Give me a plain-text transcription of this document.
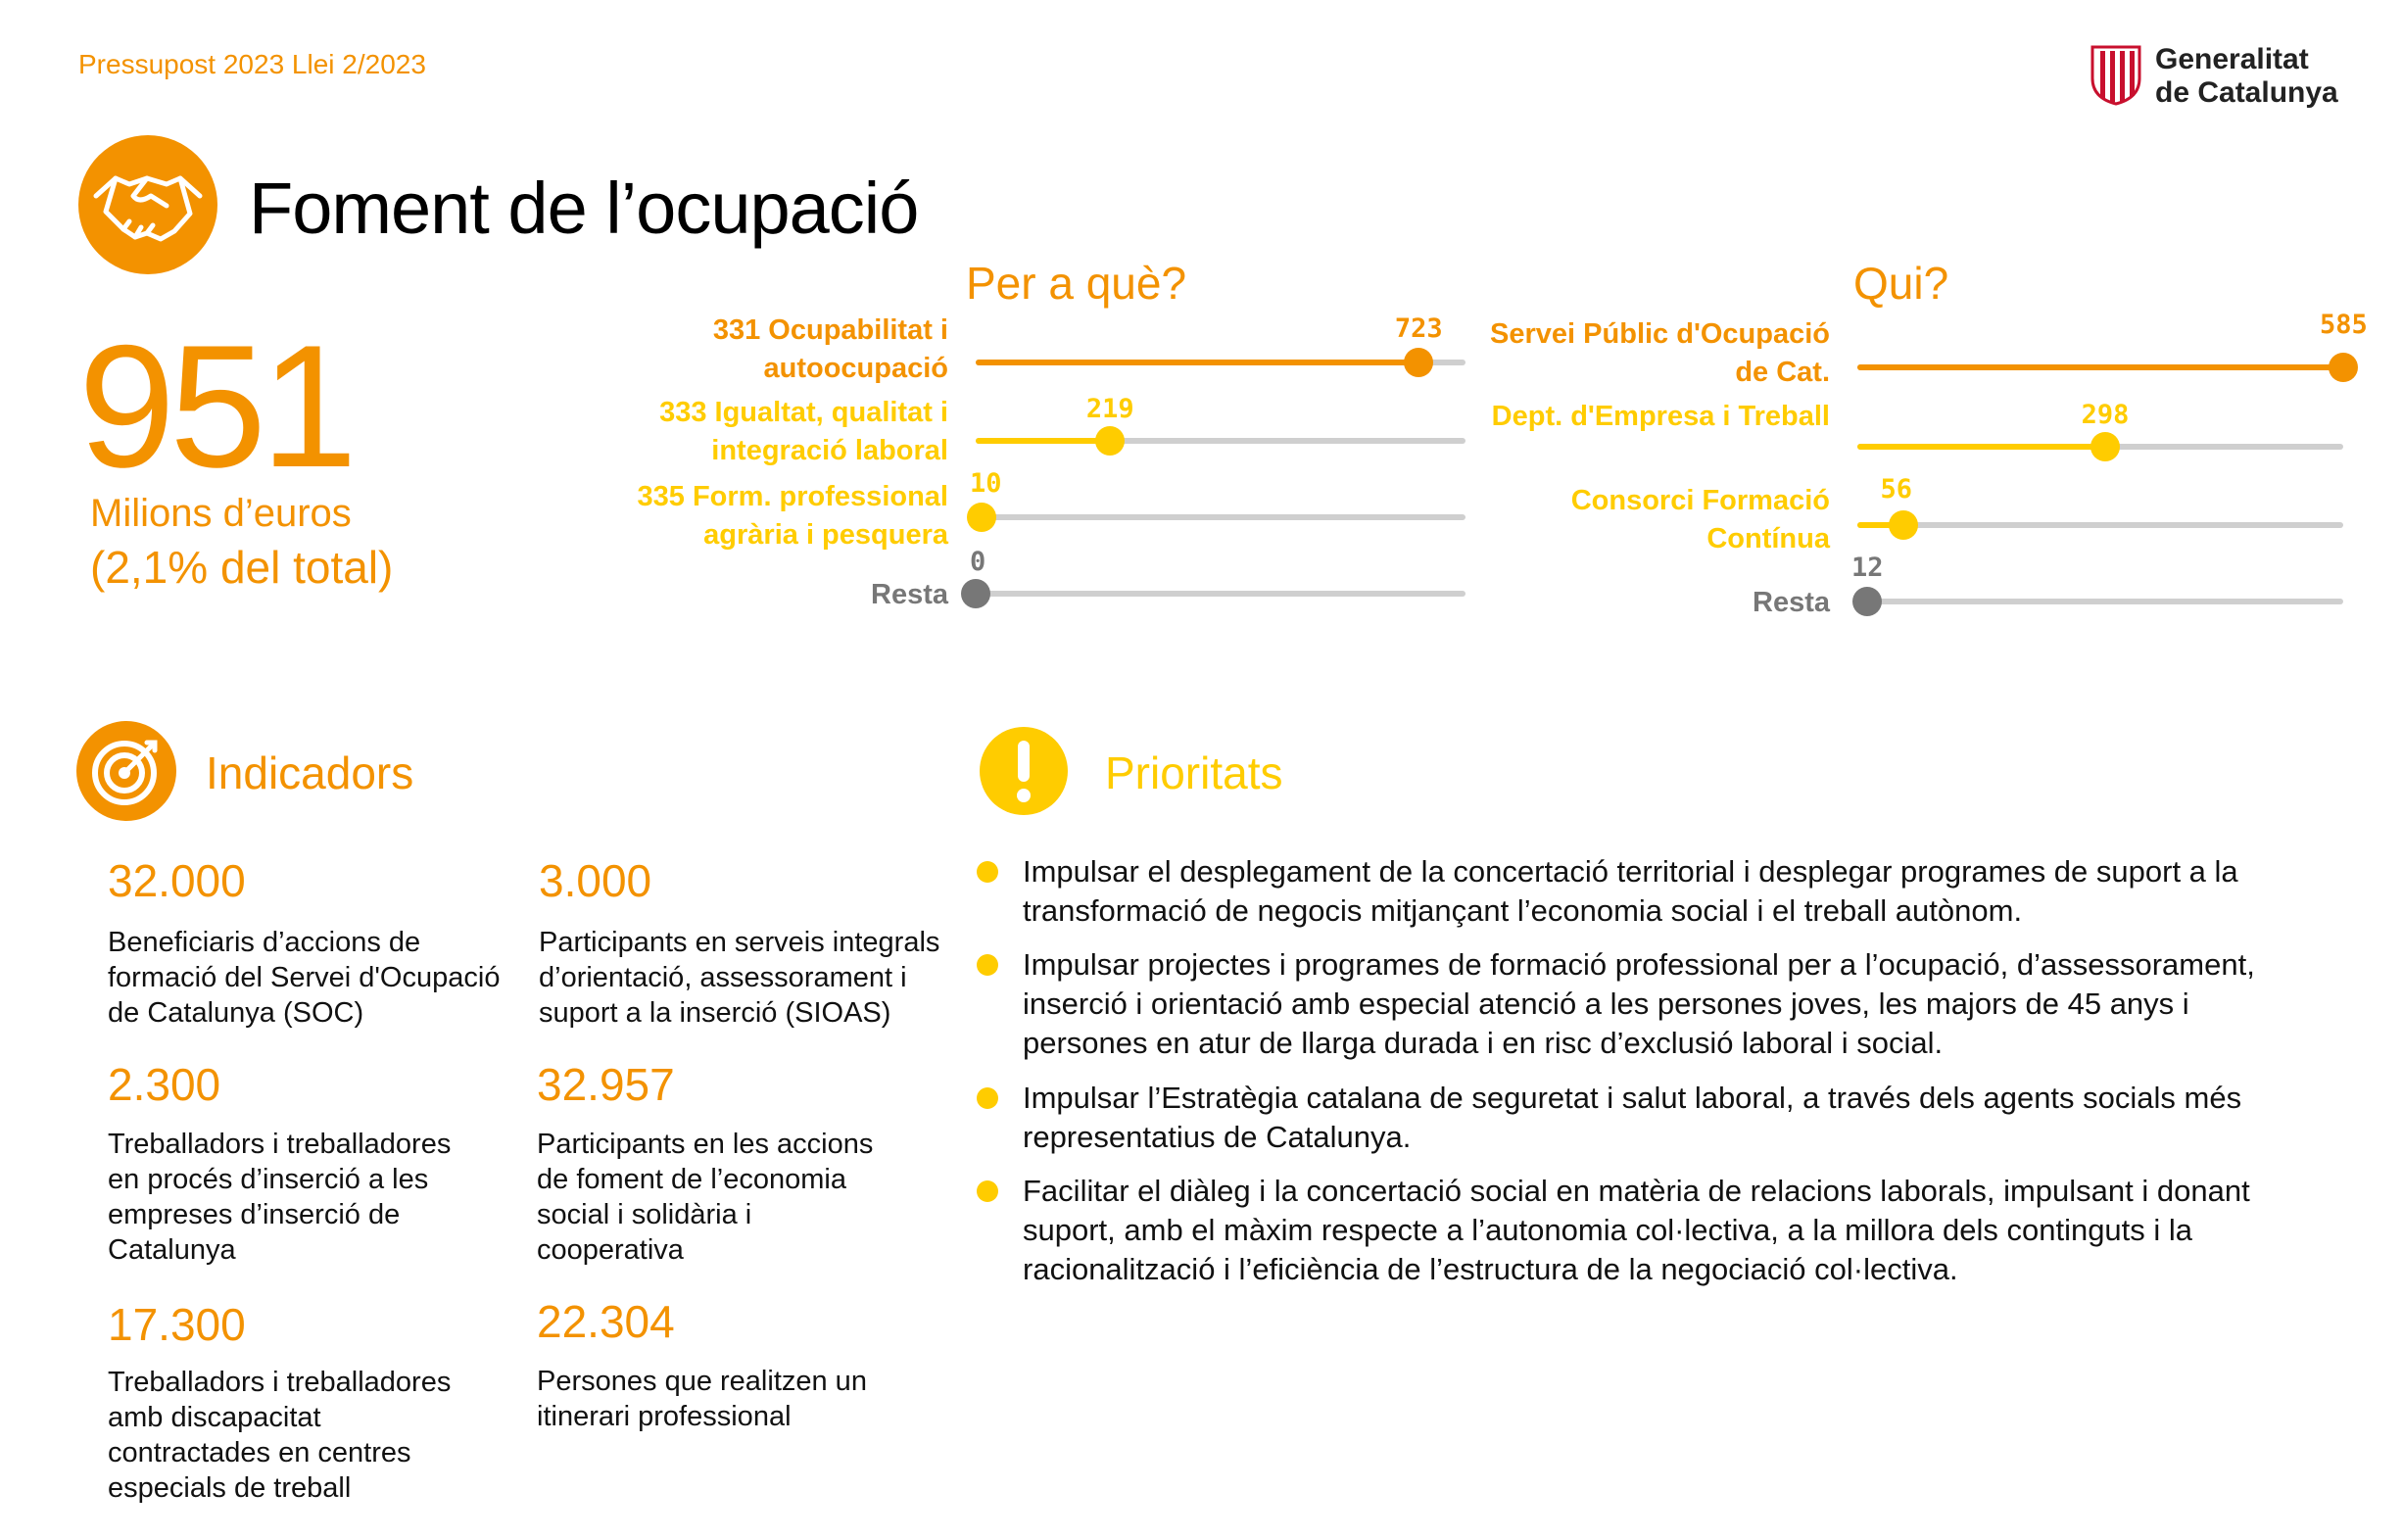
Pressupost 2023 Llei 2/2023	Generalitat
de Catalunya
Foment de l’ocupació
951
Milions d’euros
(2,1% del total)
Per a què?
331 Ocupabilitat i autoocupació
723
333 Igualtat, qualitat i integració laboral
219
335 Form. professional agrària i pesquera
10
Resta
0
Qui?
Servei Públic d'Ocupació de Cat.
585
Dept. d'Empresa i Treball	298
Consorci Formació Contínua
56
Resta
12
Indicadors
32.000
Beneficiaris d’accions de
formació del Servei d'Ocupació
de Catalunya (SOC)
3.000
Participants en serveis integrals
d’orientació, assessorament i
suport a la inserció (SIOAS)
2.300
Treballadors i treballadores
en procés d’inserció a les
empreses d’inserció de
Catalunya
32.957
Participants en les accions
de foment de l’economia
social i solidària i
cooperativa
17.300
Treballadors i treballadores
amb discapacitat
contractades en centres
especials de treball
22.304
Persones que realitzen un
itinerari professional
Prioritats
Impulsar el desplegament de la concertació territorial i desplegar programes de suport a la
transformació de negocis mitjançant l’economia social i el treball autònom.
Impulsar projectes i programes de formació professional per a l’ocupació, d’assessorament,
inserció i orientació amb especial atenció a les persones joves, les majors de 45 anys i
persones en atur de llarga durada i en risc d’exclusió laboral i social.
Impulsar l’Estratègia catalana de seguretat i salut laboral, a través dels agents socials més
representatius de Catalunya.
Facilitar el diàleg i la concertació social en matèria de relacions laborals, impulsant i donant
suport, amb el màxim respecte a l’autonomia col·lectiva, a la millora dels continguts i la
racionalització i l’eficiència de l’estructura de la negociació col·lectiva.
